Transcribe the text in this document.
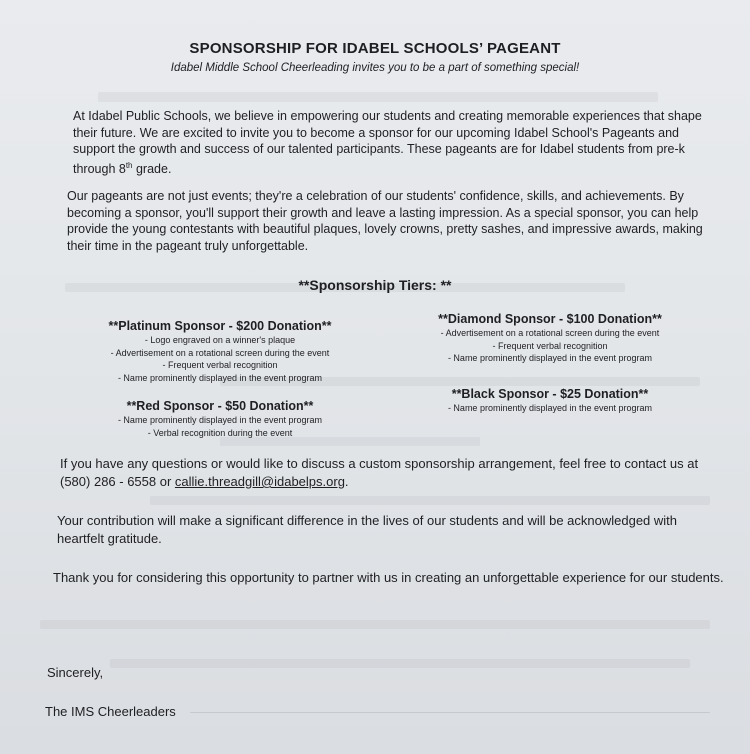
SPONSORSHIP FOR IDABEL SCHOOLS’ PAGEANT
Idabel Middle School Cheerleading invites you to be a part of something special!

At Idabel Public Schools, we believe in empowering our students and creating memorable experiences that shape their future. We are excited to invite you to become a sponsor for our upcoming Idabel School's Pageants and support the growth and success of our talented participants. These pageants are for Idabel students from pre-k through 8th grade.

Our pageants are not just events; they're a celebration of our students' confidence, skills, and achievements. By becoming a sponsor, you'll support their growth and leave a lasting impression. As a special sponsor, you can help provide the young contestants with beautiful plaques, lovely crowns, pretty sashes, and impressive awards, making their time in the pageant truly unforgettable.

**Sponsorship Tiers: **
**Platinum Sponsor - $200 Donation**
- Logo engraved on a winner's plaque
- Advertisement on a rotational screen during the event
- Frequent verbal recognition
- Name prominently displayed in the event program
**Diamond Sponsor - $100 Donation**
- Advertisement on a rotational screen during the event
- Frequent verbal recognition
- Name prominently displayed in the event program
**Red Sponsor - $50 Donation**
- Name prominently displayed in the event program
- Verbal recognition during the event
**Black Sponsor - $25 Donation**
- Name prominently displayed in the event program

If you have any questions or would like to discuss a custom sponsorship arrangement, feel free to contact us at (580) 286 - 6558 or callie.threadgill@idabelps.org.

Your contribution will make a significant difference in the lives of our students and will be acknowledged with heartfelt gratitude.

Thank you for considering this opportunity to partner with us in creating an unforgettable experience for our students.

Sincerely,
The IMS Cheerleaders
